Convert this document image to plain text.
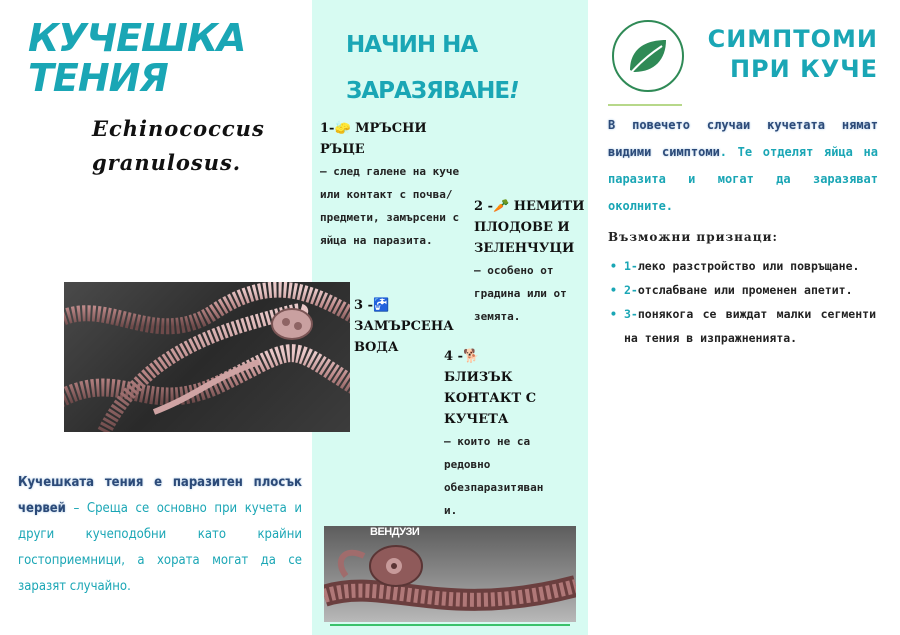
КУЧЕШКА
ТЕНИЯ
Echinococcus
granulosus.

Кучешката тения е паразитен плосък червей – Среща се основно при кучета и други кучеподобни като крайни гостоприемници, а хората могат да се заразят случайно.

НАЧИН НА
ЗАРАЗЯВАНЕ!
1-🧽 МРЪСНИ РЪЦЕ
– след галене на куче или контакт с почва/предмети, замърсени с яйца на паразита.
2 -🥕 НЕМИТИ ПЛОДОВЕ И ЗЕЛЕНЧУЦИ
– особено от градина или от земята.
3 -🚰
ЗАМЪРСЕНА ВОДА
4 -🐕
БЛИЗЪК КОНТАКТ С КУЧЕТА
– които не са редовно обезпаразитяван и.
ВЕНДУЗИ
СИМПТОМИ
ПРИ КУЧЕ

В повечето случаи кучетата нямат видими симптоми. Те отделят яйца на паразита и могат да заразяват околните.

Възможни признаци:
• 1-леко разстройство или повръщане.
• 2-отслабване или променен апетит.
• 3-понякога се виждат малки сегменти на тения в изпражненията.
